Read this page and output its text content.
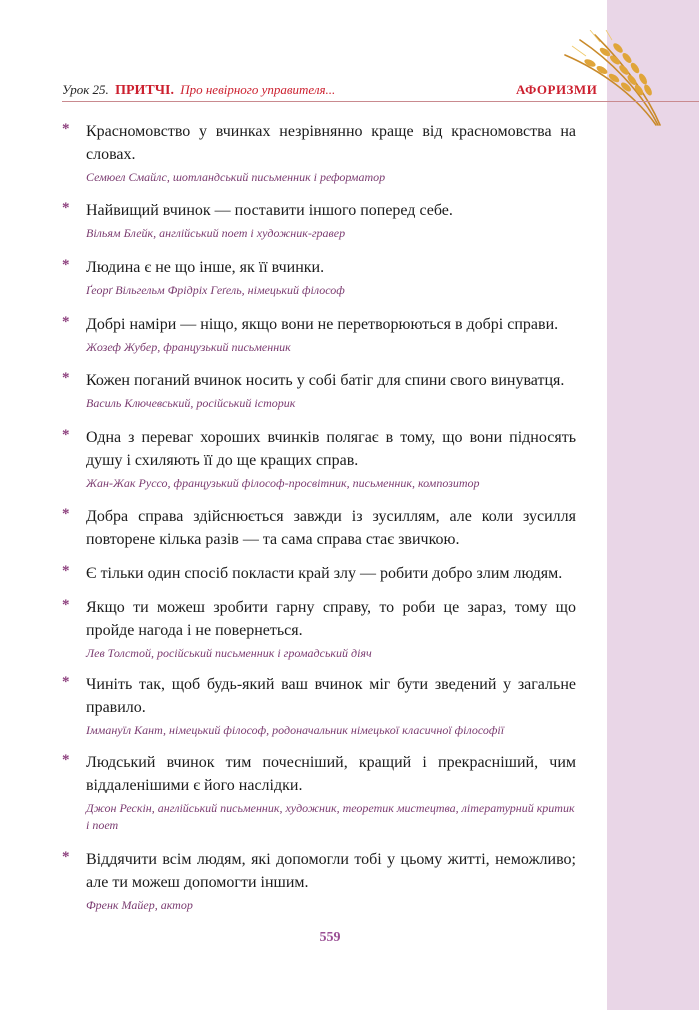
Урок 25. ПРИТЧІ. Про невірного управителя...	АФОРИЗМИ
* Красномовство у вчинках незрівнянно краще від красномовства на словах.
Семюел Смайлс, шотландський письменник і реформатор
* Найвищий вчинок — поставити іншого поперед себе.
Вільям Блейк, англійський поет і художник-гравер
* Людина є не що інше, як її вчинки.
Ґеорґ Вільгельм Фрідріх Геґель, німецький філософ
* Добрі наміри — ніщо, якщо вони не перетворюються в добрі справи.
Жозеф Жубер, французький письменник
* Кожен поганий вчинок носить у собі батіг для спини свого винуватця.
Василь Ключевський, російський історик
* Одна з переваг хороших вчинків полягає в тому, що вони підносять душу і схиляють її до ще кращих справ.
Жан-Жак Руссо, французький філософ-просвітник, письменник, композитор
* Добра справа здійснюється завжди із зусиллям, але коли зусилля повторене кілька разів — та сама справа стає звичкою.
* Є тільки один спосіб покласти край злу — робити добро злим людям.
* Якщо ти можеш зробити гарну справу, то роби це зараз, тому що пройде нагода і не повернеться.
Лев Толстой, російський письменник і громадський діяч
* Чиніть так, щоб будь-який ваш вчинок міг бути зведений у загальне правило.
Іммануїл Кант, німецький філософ, родоначальник німецької класичної філософії
* Людський вчинок тим почесніший, кращий і прекрасніший, чим віддаленішими є його наслідки.
Джон Рескін, англійський письменник, художник, теоретик мистецтва, літературний критик і поет
* Віддячити всім людям, які допомогли тобі у цьому житті, неможливо; але ти можеш допомогти іншим.
Френк Майер, актор
559
